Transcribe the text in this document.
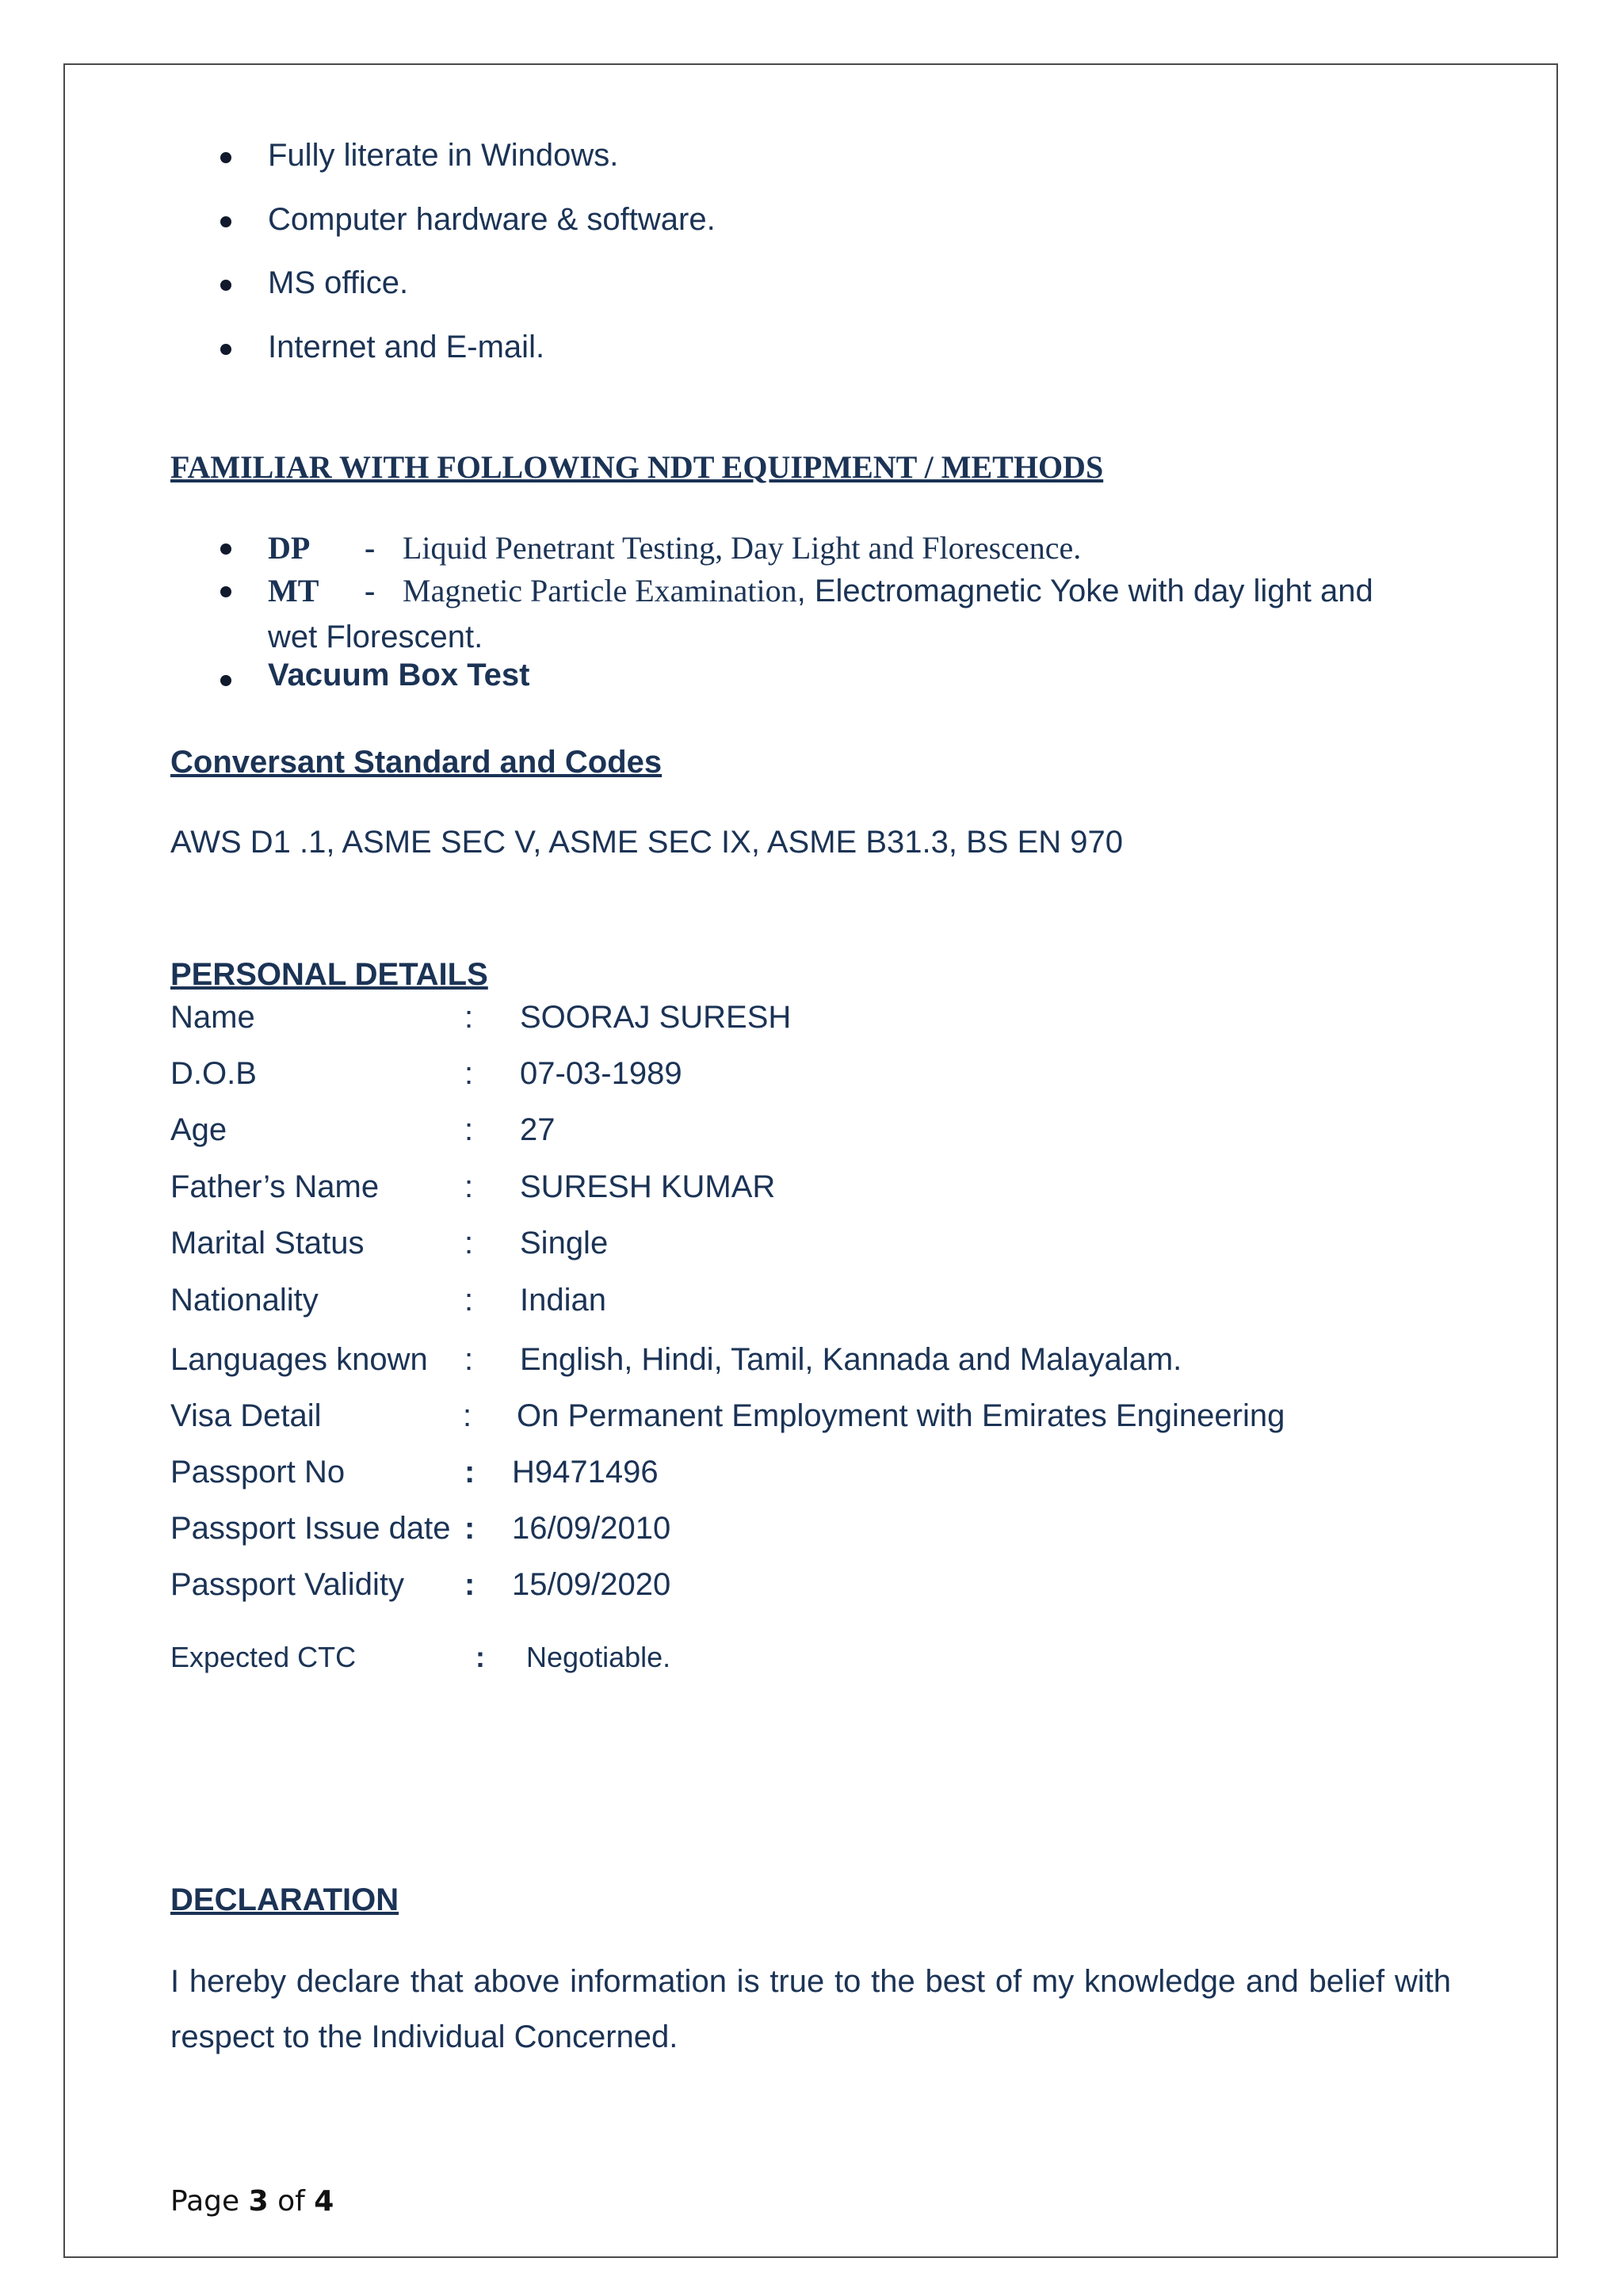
Fully literate in Windows.
Computer hardware & software.
MS office.
Internet and E-mail.
FAMILIAR WITH FOLLOWING NDT EQUIPMENT / METHODS
DP - Liquid Penetrant Testing, Day Light and Florescence.
MT - Magnetic Particle Examination, Electromagnetic Yoke with day light and
wet Florescent.
Vacuum Box Test
Conversant Standard and Codes
AWS D1 .1, ASME SEC V, ASME SEC IX, ASME B31.3, BS EN 970
PERSONAL DETAILS
Name	: SOORAJ SURESH
D.O.B	: 07-03-1989
Age	: 27
Father’s Name	: SURESH KUMAR
Marital Status	: Single
Nationality	: Indian
Languages known : English, Hindi, Tamil, Kannada and Malayalam.
Visa Detail	: On Permanent Employment with Emirates Engineering
Passport No	: H9471496
Passport Issue date : 16/09/2010
Passport Validity : 15/09/2020
Expected CTC	: Negotiable.
DECLARATION
I hereby declare that above information is true to the best of my knowledge and belief with respect to the Individual Concerned.
Page 3 of 4
